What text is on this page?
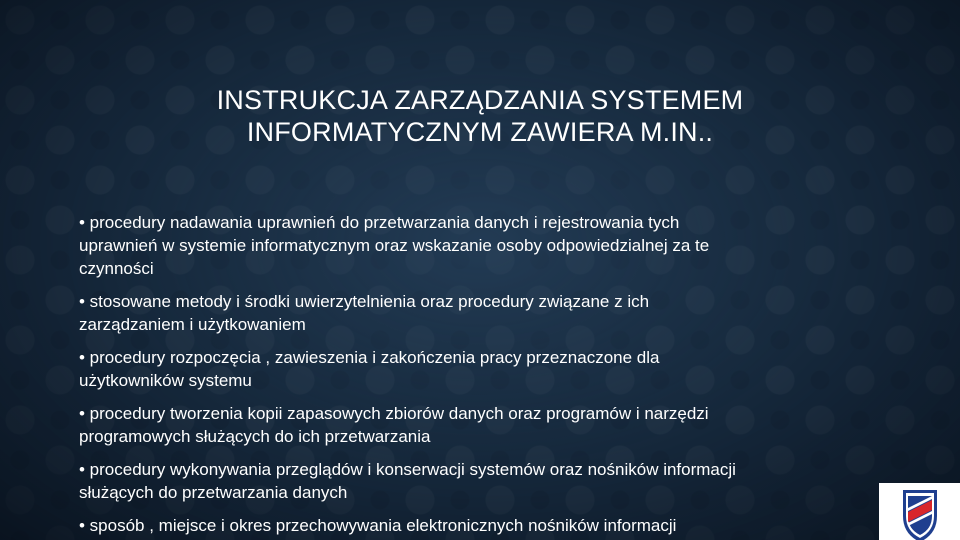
INSTRUKCJA ZARZĄDZANIA SYSTEMEM
INFORMATYCZNYM ZAWIERA M.IN..
• procedury nadawania uprawnień do przetwarzania danych i rejestrowania tych
uprawnień w systemie informatycznym oraz wskazanie osoby odpowiedzialnej za te
czynności
• stosowane metody i środki uwierzytelnienia oraz procedury związane z ich
zarządzaniem i użytkowaniem
• procedury rozpoczęcia , zawieszenia i zakończenia pracy przeznaczone dla
użytkowników systemu
• procedury tworzenia kopii zapasowych zbiorów danych oraz programów i narzędzi
programowych służących do ich przetwarzania
• procedury wykonywania przeglądów i konserwacji systemów oraz nośników informacji
służących do przetwarzania danych
• sposób , miejsce i okres przechowywania elektronicznych nośników informacji
